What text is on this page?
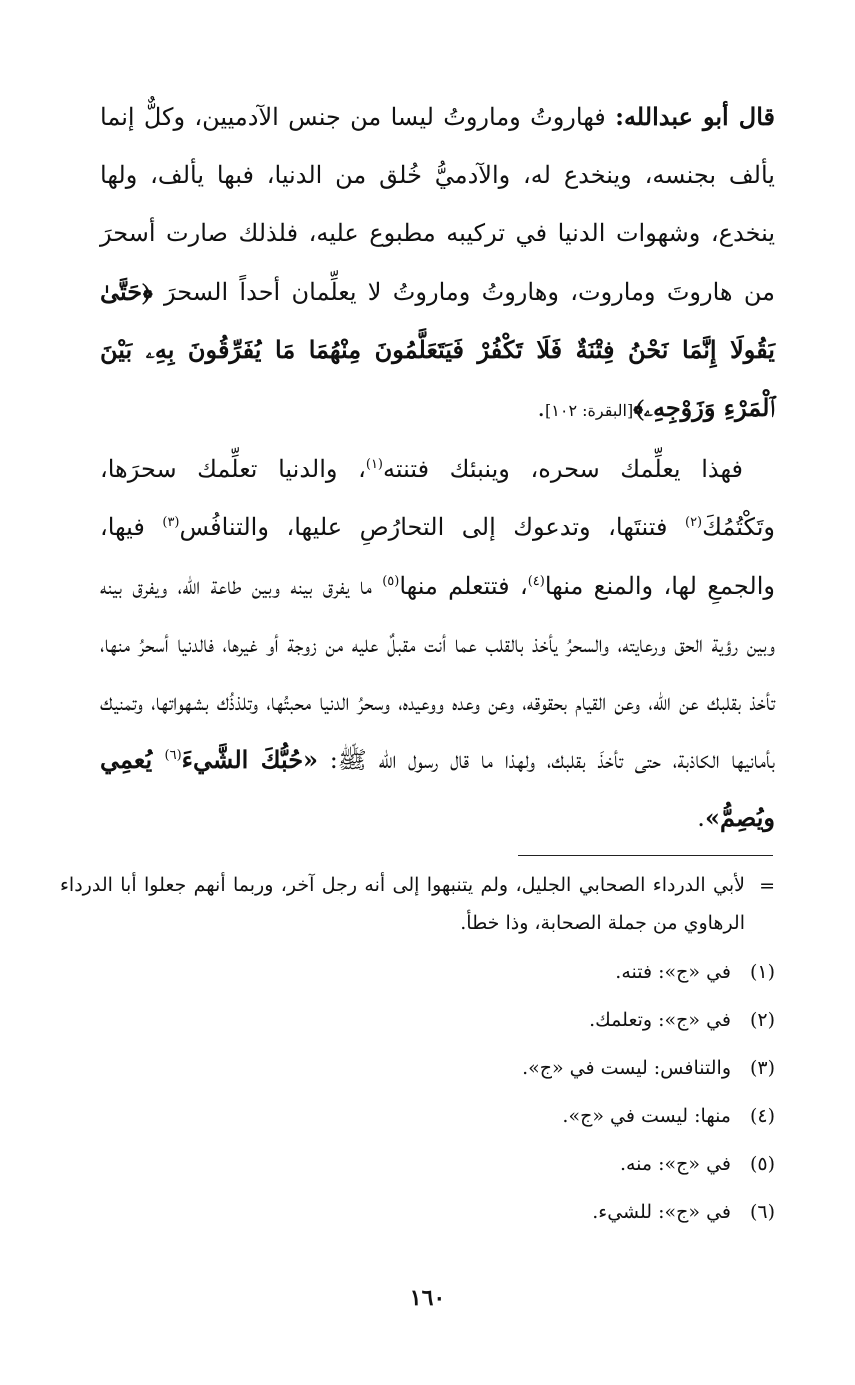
قال أبو عبدالله: فهاروتُ وماروتُ ليسا من جنس الآدميين، وكلٌّ إنما يألف بجنسه، وينخدع له، والآدميُّ خُلق من الدنيا، فبها يألف، ولها ينخدع، وشهوات الدنيا في تركيبه مطبوع عليه، فلذلك صارت أسحرَ من هاروتَ وماروت، وهاروتُ وماروتُ لا يعلِّمان أحداً السحرَ ﴿حَتَّىٰ يَقُولَا إِنَّمَا نَحْنُ فِتْنَةٌ فَلَا تَكْفُرْ فَيَتَعَلَّمُونَ مِنْهُمَا مَا يُفَرِّقُونَ بِهِۦ بَيْنَ ٱلْمَرْءِ وَزَوْجِهِۦ﴾[البقرة: ١٠٢].

فهذا يعلِّمك سحره، وينبئك فتنته$^{(١)}$، والدنيا تعلِّمك سحرَها، وتَكْتُمُكَ$^{(٢)}$ فتنتَها، وتدعوك إلى التحارُصِ عليها، والتنافُس$^{(٣)}$ فيها، والجمعِ لها، والمنع منها$^{(٤)}$، فتتعلم منها$^{(٥)}$ ما يفرق بينه وبين طاعة الله، ويفرق بينه وبين رؤية الحق ورعايته، والسحرُ يأخذ بالقلب عما أنت مقبلٌ عليه من زوجة أو غيرها، فالدنيا أسحرُ منها، تأخذ بقلبك عن الله، وعن القيام بحقوقه، وعن وعده ووعيده، وسحرُ الدنيا محبتُها، وتلذذُك بشهواتها، وتمنيك بأمانيها الكاذبة، حتى تأخذَ بقلبك، ولهذا ما قال رسول الله ﷺ: «حُبُّكَ الشَّيءَ$^{(٦)}$ يُعمِي ويُصِمُّ».

=
لأبي الدرداء الصحابي الجليل، ولم يتنبهوا إلى أنه رجل آخر، وربما أنهم جعلوا أبا الدرداء الرهاوي من جملة الصحابة، وذا خطأ.
(١)
في «ج»: فتنه.
(٢)
في «ج»: وتعلمك.
(٣)
والتنافس: ليست في «ج».
(٤)
منها: ليست في «ج».
(٥)
في «ج»: منه.
(٦)
في «ج»: للشيء.
١٦٠
